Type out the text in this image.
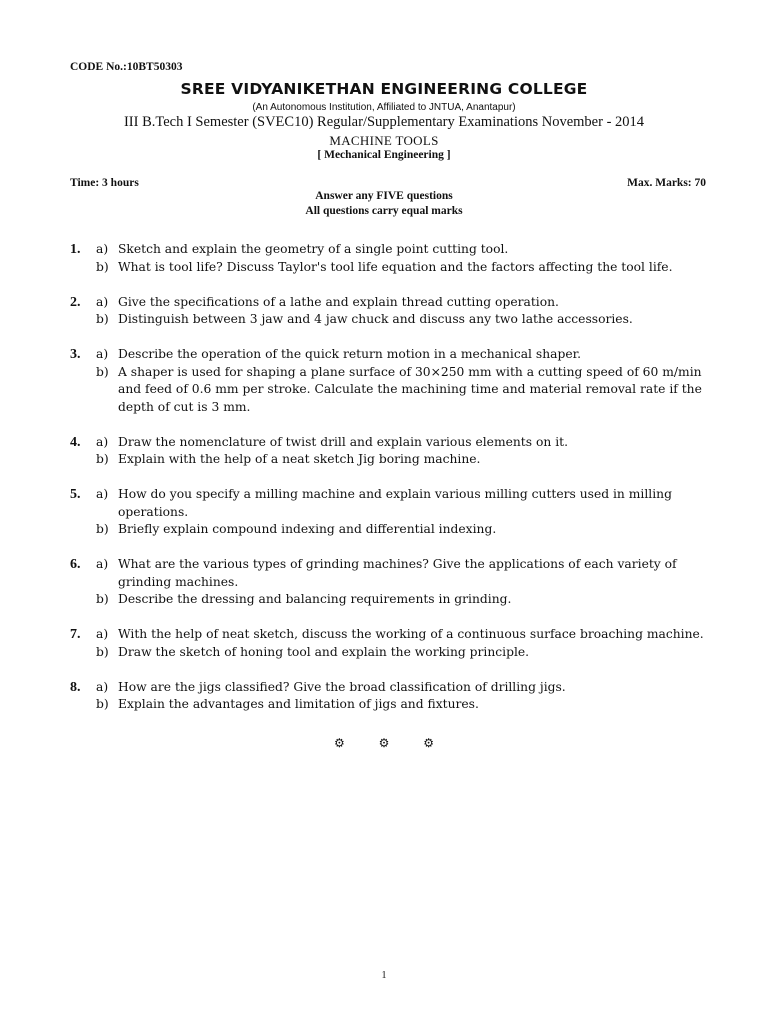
CODE No.:10BT50303
SREE VIDYANIKETHAN ENGINEERING COLLEGE
(An Autonomous Institution, Affiliated to JNTUA, Anantapur)
III B.Tech I Semester (SVEC10) Regular/Supplementary Examinations November - 2014
MACHINE TOOLS
[ Mechanical Engineering ]
Time: 3 hours	Max. Marks: 70
Answer any FIVE questions
All questions carry equal marks
1. a) Sketch and explain the geometry of a single point cutting tool.
b) What is tool life? Discuss Taylor's tool life equation and the factors affecting the tool life.
2. a) Give the specifications of a lathe and explain thread cutting operation.
b) Distinguish between 3 jaw and 4 jaw chuck and discuss any two lathe accessories.
3. a) Describe the operation of the quick return motion in a mechanical shaper.
b) A shaper is used for shaping a plane surface of 30×250 mm with a cutting speed of 60 m/min and feed of 0.6 mm per stroke. Calculate the machining time and material removal rate if the depth of cut is 3 mm.
4. a) Draw the nomenclature of twist drill and explain various elements on it.
b) Explain with the help of a neat sketch Jig boring machine.
5. a) How do you specify a milling machine and explain various milling cutters used in milling operations.
b) Briefly explain compound indexing and differential indexing.
6. a) What are the various types of grinding machines? Give the applications of each variety of grinding machines.
b) Describe the dressing and balancing requirements in grinding.
7. a) With the help of neat sketch, discuss the working of a continuous surface broaching machine.
b) Draw the sketch of honing tool and explain the working principle.
8. a) How are the jigs classified? Give the broad classification of drilling jigs.
b) Explain the advantages and limitation of jigs and fixtures.
⚙	⚙	⚙
1
